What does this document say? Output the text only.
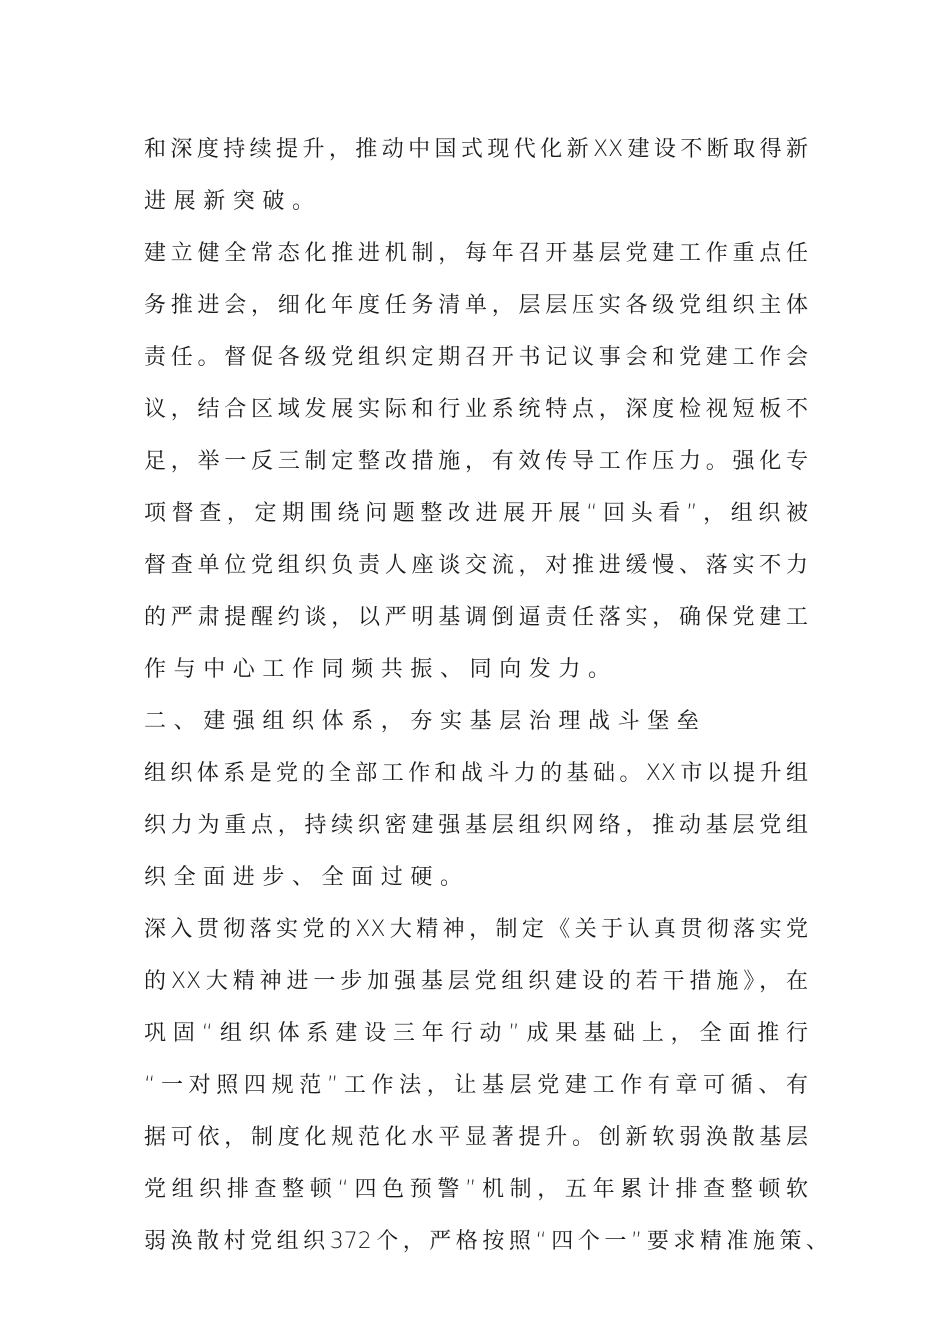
和深度持续提升，推动中国式现代化新XX建设不断取得新
进展新突破。
建立健全常态化推进机制，每年召开基层党建工作重点任
务推进会，细化年度任务清单，层层压实各级党组织主体
责任。督促各级党组织定期召开书记议事会和党建工作会
议，结合区域发展实际和行业系统特点，深度检视短板不
足，举一反三制定整改措施，有效传导工作压力。强化专
项督查，定期围绕问题整改进展开展“回头看”，组织被
督查单位党组织负责人座谈交流，对推进缓慢、落实不力
的严肃提醒约谈，以严明基调倒逼责任落实，确保党建工
作与中心工作同频共振、同向发力。
二、建强组织体系，夯实基层治理战斗堡垒
组织体系是党的全部工作和战斗力的基础。XX市以提升组
织力为重点，持续织密建强基层组织网络，推动基层党组
织全面进步、全面过硬。
深入贯彻落实党的XX大精神，制定《关于认真贯彻落实党
的XX大精神进一步加强基层党组织建设的若干措施》，在
巩固“组织体系建设三年行动”成果基础上，全面推行
“一对照四规范”工作法，让基层党建工作有章可循、有
据可依，制度化规范化水平显著提升。创新软弱涣散基层
党组织排查整顿“四色预警”机制，五年累计排查整顿软
弱涣散村党组织372个，严格按照“四个一”要求精准施策、
